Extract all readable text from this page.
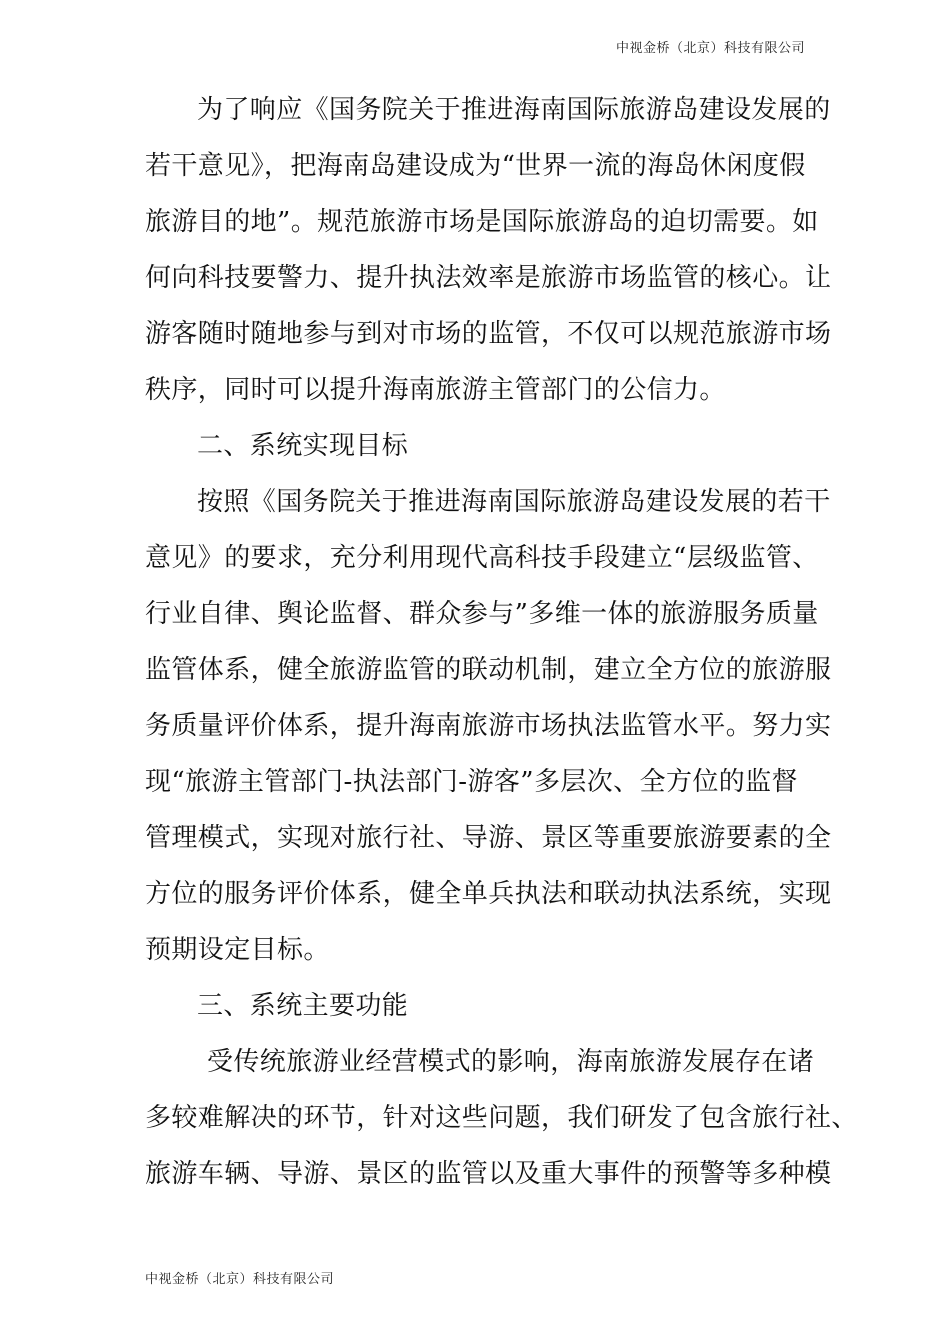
中视金桥（北京）科技有限公司
为了响应《国务院关于推进海南国际旅游岛建设发展的
若干意见》，把海南岛建设成为“世界一流的海岛休闲度假
旅游目的地”。规范旅游市场是国际旅游岛的迫切需要。如
何向科技要警力、提升执法效率是旅游市场监管的核心。让
游客随时随地参与到对市场的监管，不仅可以规范旅游市场
秩序，同时可以提升海南旅游主管部门的公信力。
二、系统实现目标
按照《国务院关于推进海南国际旅游岛建设发展的若干
意见》的要求，充分利用现代高科技手段建立“层级监管、
行业自律、舆论监督、群众参与”多维一体的旅游服务质量
监管体系，健全旅游监管的联动机制，建立全方位的旅游服
务质量评价体系，提升海南旅游市场执法监管水平。努力实
现“旅游主管部门-执法部门-游客”多层次、全方位的监督
管理模式，实现对旅行社、导游、景区等重要旅游要素的全
方位的服务评价体系，健全单兵执法和联动执法系统，实现
预期设定目标。
三、系统主要功能
受传统旅游业经营模式的影响，海南旅游发展存在诸
多较难解决的环节，针对这些问题，我们研发了包含旅行社、
旅游车辆、导游、景区的监管以及重大事件的预警等多种模
中视金桥（北京）科技有限公司
